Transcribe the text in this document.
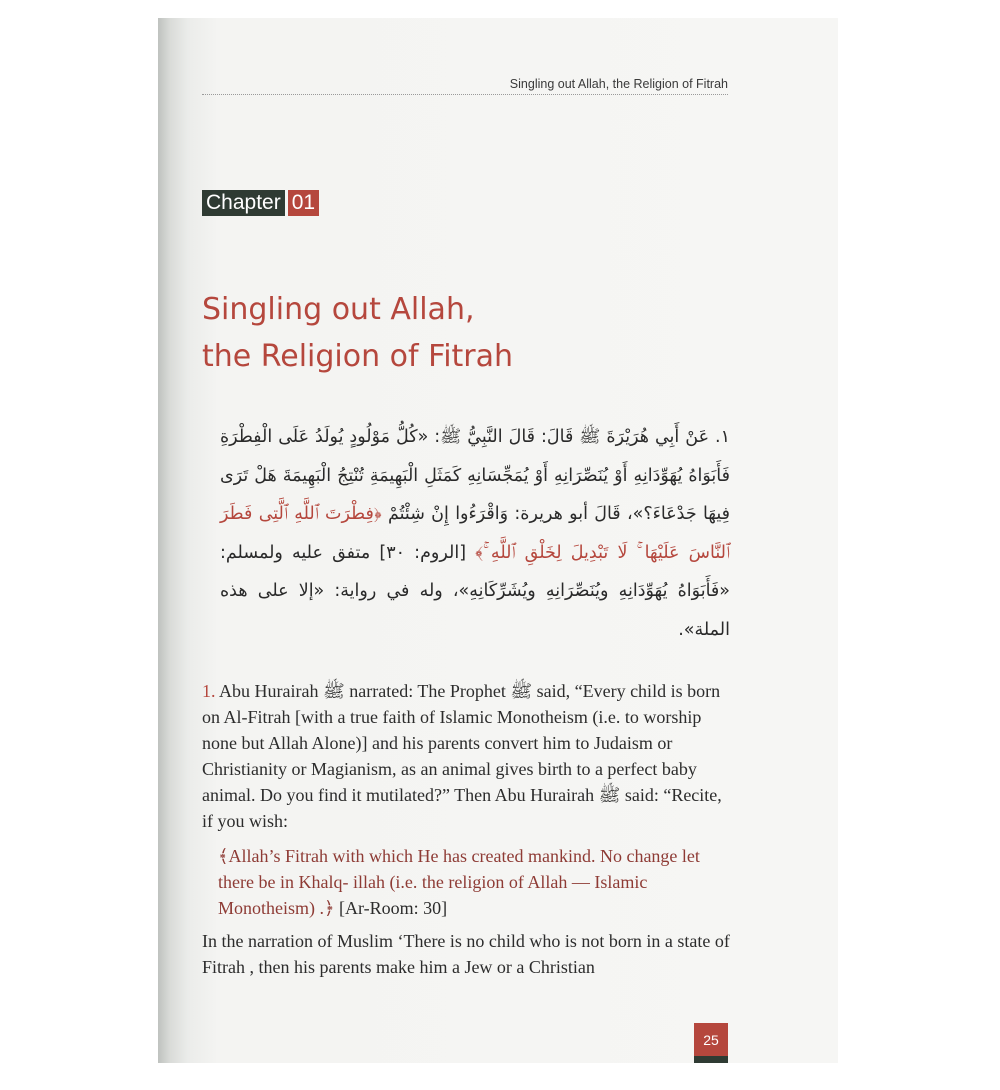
Singling out Allah, the Religion of Fitrah
Chapter 01
Singling out Allah,
the Religion of Fitrah
١. عَنْ أَبِي هُرَيْرَةَ ﷺ قَالَ: قَالَ النَّبِيُّ ﷺ: «كُلُّ مَوْلُودٍ يُولَدُ عَلَى الْفِطْرَةِ فَأَبَوَاهُ يُهَوِّدَانِهِ أَوْ يُنَصِّرَانِهِ أَوْ يُمَجِّسَانِهِ كَمَثَلِ الْبَهِيمَةِ تُنْتِجُ الْبَهِيمَةَ هَلْ تَرَى فِيهَا جَدْعَاءَ؟»، قَالَ أبو هريرة: وَاقْرَءُوا إِنْ شِئْتُمْ ﴿فِطْرَتَ ٱللَّهِ ٱلَّتِى فَطَرَ ٱلنَّاسَ عَلَيْهَا ۚ لَا تَبْدِيلَ لِخَلْقِ ٱللَّهِ ۚ﴾ [الروم: ٣٠] متفق عليه ولمسلم: «فَأَبَوَاهُ يُهَوِّدَانِهِ ويُنَصِّرَانِهِ ويُشَرِّكَانِهِ»، وله في رواية: «إلا على هذه الملة».

1. Abu Hurairah ﷺ narrated: The Prophet ﷺ said, “Every child is born on Al-Fitrah [with a true faith of Islamic Monotheism (i.e. to worship none but Allah Alone)] and his parents convert him to Judaism or Christianity or Magianism, as an animal gives birth to a perfect baby animal. Do you find it mutilated?” Then Abu Hurairah ﷺ said: “Recite, if you wish:

﴾Allah’s Fitrah with which He has created mankind. No change let there be in Khalq- illah (i.e. the religion of Allah — Islamic Monotheism) .﴿ [Ar-Room: 30]

In the narration of Muslim ‘There is no child who is not born in a state of Fitrah , then his parents make him a Jew or a Christian

25
